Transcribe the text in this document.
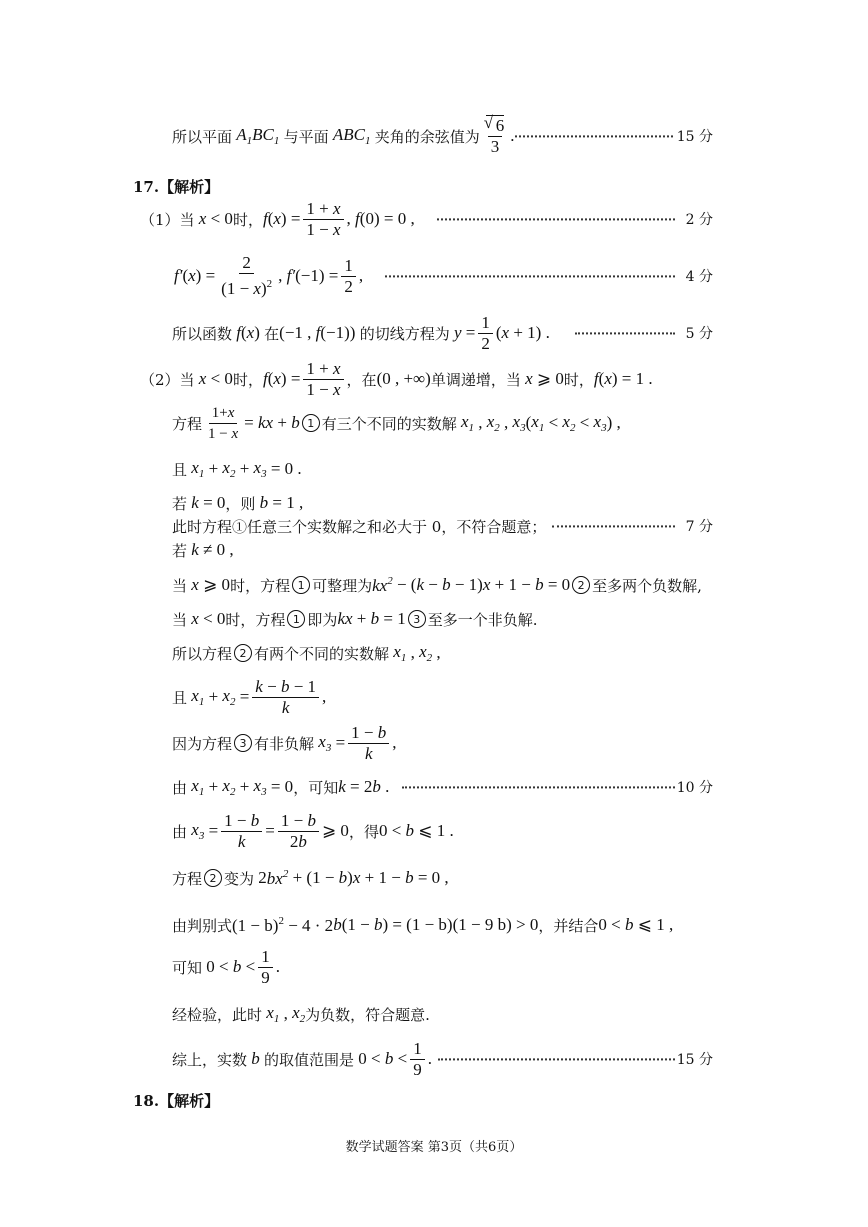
所以平面 $A_1BC_1$ 与平面 $ABC_1$ 夹角的余弦值为
√ $\frac{6}{3}$ .	15 分
17.【解析】
（1）当 x < 0 时， f ( x ) = $\frac{1 + x}{1 - x}$ , f (0) = 0 ,	2 分
f′ ( x ) = $\frac{2}{(1 - x)^2}$ , f′ $(-1) = \frac{1}{2}$ ,	4 分
所以函数 f ( x ) 在 (−1 , f (−1)) 的切线方程为 $y = \frac{1}{2} (x + 1)$ .	5 分
（2）当 x < 0 时， f ( x ) = $\frac{1 + x}{1 - x}$ ，在 (0 , +∞) 单调递增，当 x ⩾ 0 时， f ( x ) = 1 .
方程 $\frac{1+x}{1 - x}$ = kx + b 1 有三个不同的实数解 $x_1$ , $x_2$ , $x_3$ ( $x_1 < x_2 < x_3$ ) ,
且 $x_1 + x_2 + x_3 = 0$ .
若 k = 0 ，则 b = 1 ,
此时方程①任意三个实数解之和必大于 0，不符合题意；	7 分
若 k ≠ 0 ,
当 x ⩾ 0 时，方程 1 可整理为 $kx^2$ − ( k − b − 1) x + 1 − b = 0 2 至多两个负数解,
当 x < 0 时，方程 1 即为 kx + b = 1 3 至多一个非负解.
所以方程 2 有两个不同的实数解 $x_1$ , $x_2$ ,
且 $x_1 + x_2 = \frac{k - b - 1}{k}$ ,
因为方程 3 有非负解 $x_3 = \frac{1 - b}{k}$ ,
由 $x_1 + x_2 + x_3 = 0$ ，可知 k = 2 b .	10 分
由 $x_3 = \frac{1 - b}{k} = \frac{1 - b}{2b}$ ⩾ 0 ，得 0 < b ⩽ 1 .
方程 2 变为 2 $bx^2 + (1 - b$ ) x + 1 − b = 0 ,
由判别式 $(1 - b)^2 - 4 \cdot 2$ b (1 − b ) = (1 − b)(1 − 9 b) > 0 ，并结合 0 < b ⩽ 1 ,
可知 $0 < b < \frac{1}{9}$ .
经检验，此时 $x_1$ , $x_2$ 为负数，符合题意.
综上，实数 b 的取值范围是 $0 < b < \frac{1}{9}$ .	15 分
18.【解析】
数学试题答案 第3页（共6页）
